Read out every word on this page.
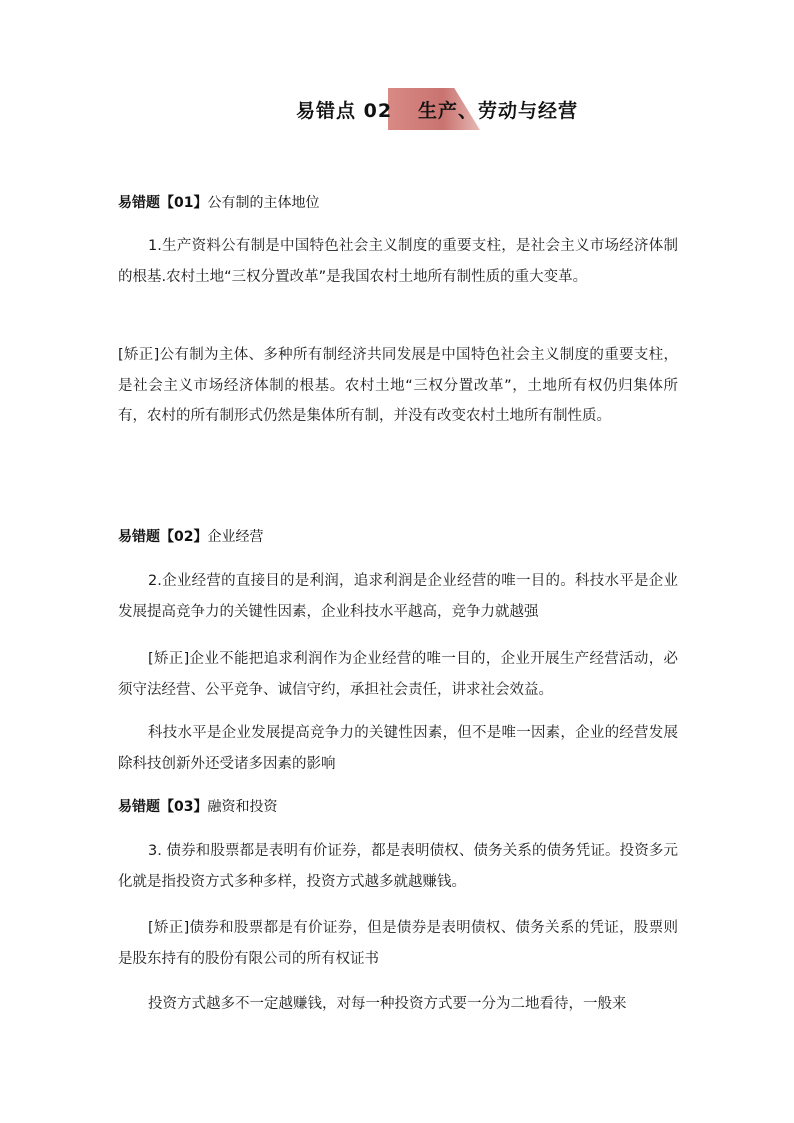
易错点 02 生产、劳动与经营
易错题【01】公有制的主体地位
1.生产资料公有制是中国特色社会主义制度的重要支柱，是社会主义市场经济体制的根基.农村土地“三权分置改革”是我国农村土地所有制性质的重大变革。
[矫正]公有制为主体、多种所有制经济共同发展是中国特色社会主义制度的重要支柱，是社会主义市场经济体制的根基。农村土地“三权分置改革”，土地所有权仍归集体所有，农村的所有制形式仍然是集体所有制，并没有改变农村土地所有制性质。
易错题【02】企业经营
2.企业经营的直接目的是利润，追求利润是企业经营的唯一目的。科技水平是企业发展提高竞争力的关键性因素，企业科技水平越高，竞争力就越强
[矫正]企业不能把追求利润作为企业经营的唯一目的，企业开展生产经营活动，必须守法经营、公平竞争、诚信守约，承担社会责任，讲求社会效益。
科技水平是企业发展提高竞争力的关键性因素，但不是唯一因素，企业的经营发展除科技创新外还受诸多因素的影响
易错题【03】融资和投资
3. 债券和股票都是表明有价证券，都是表明债权、债务关系的债务凭证。投资多元化就是指投资方式多种多样，投资方式越多就越赚钱。
[矫正]债券和股票都是有价证券，但是债券是表明债权、债务关系的凭证，股票则是股东持有的股份有限公司的所有权证书
投资方式越多不一定越赚钱，对每一种投资方式要一分为二地看待，一般来
